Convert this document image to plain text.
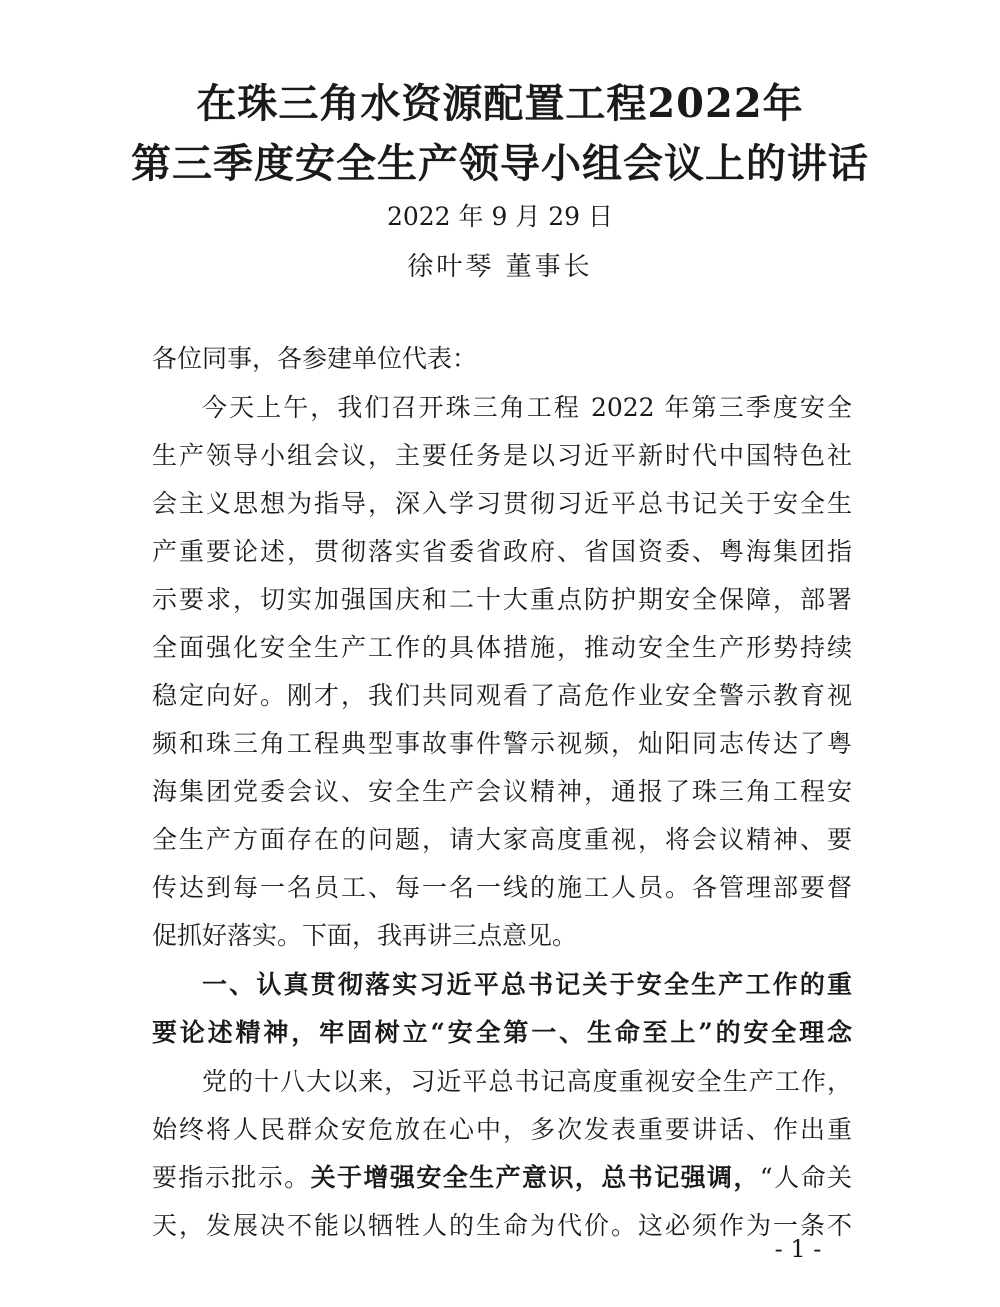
在珠三角水资源配置工程2022年
第三季度安全生产领导小组会议上的讲话
2022 年 9 月 29 日
徐叶琴 董事长
各位同事，各参建单位代表：
今天上午，我们召开珠三角工程 2022 年第三季度安全
生产领导小组会议，主要任务是以习近平新时代中国特色社
会主义思想为指导，深入学习贯彻习近平总书记关于安全生
产重要论述，贯彻落实省委省政府、省国资委、粤海集团指
示要求，切实加强国庆和二十大重点防护期安全保障，部署
全面强化安全生产工作的具体措施，推动安全生产形势持续
稳定向好。刚才，我们共同观看了高危作业安全警示教育视
频和珠三角工程典型事故事件警示视频，灿阳同志传达了粤
海集团党委会议、安全生产会议精神，通报了珠三角工程安
全生产方面存在的问题，请大家高度重视，将会议精神、要
传达到每一名员工、每一名一线的施工人员。各管理部要督
促抓好落实。下面，我再讲三点意见。
一、认真贯彻落实习近平总书记关于安全生产工作的重
要论述精神，牢固树立“安全第一、生命至上”的安全理念
党的十八大以来，习近平总书记高度重视安全生产工作，
始终将人民群众安危放在心中，多次发表重要讲话、作出重
要指示批示。关于增强安全生产意识，总书记强调，“人命关
天，发展决不能以牺牲人的生命为代价。这必须作为一条不
- 1 -
